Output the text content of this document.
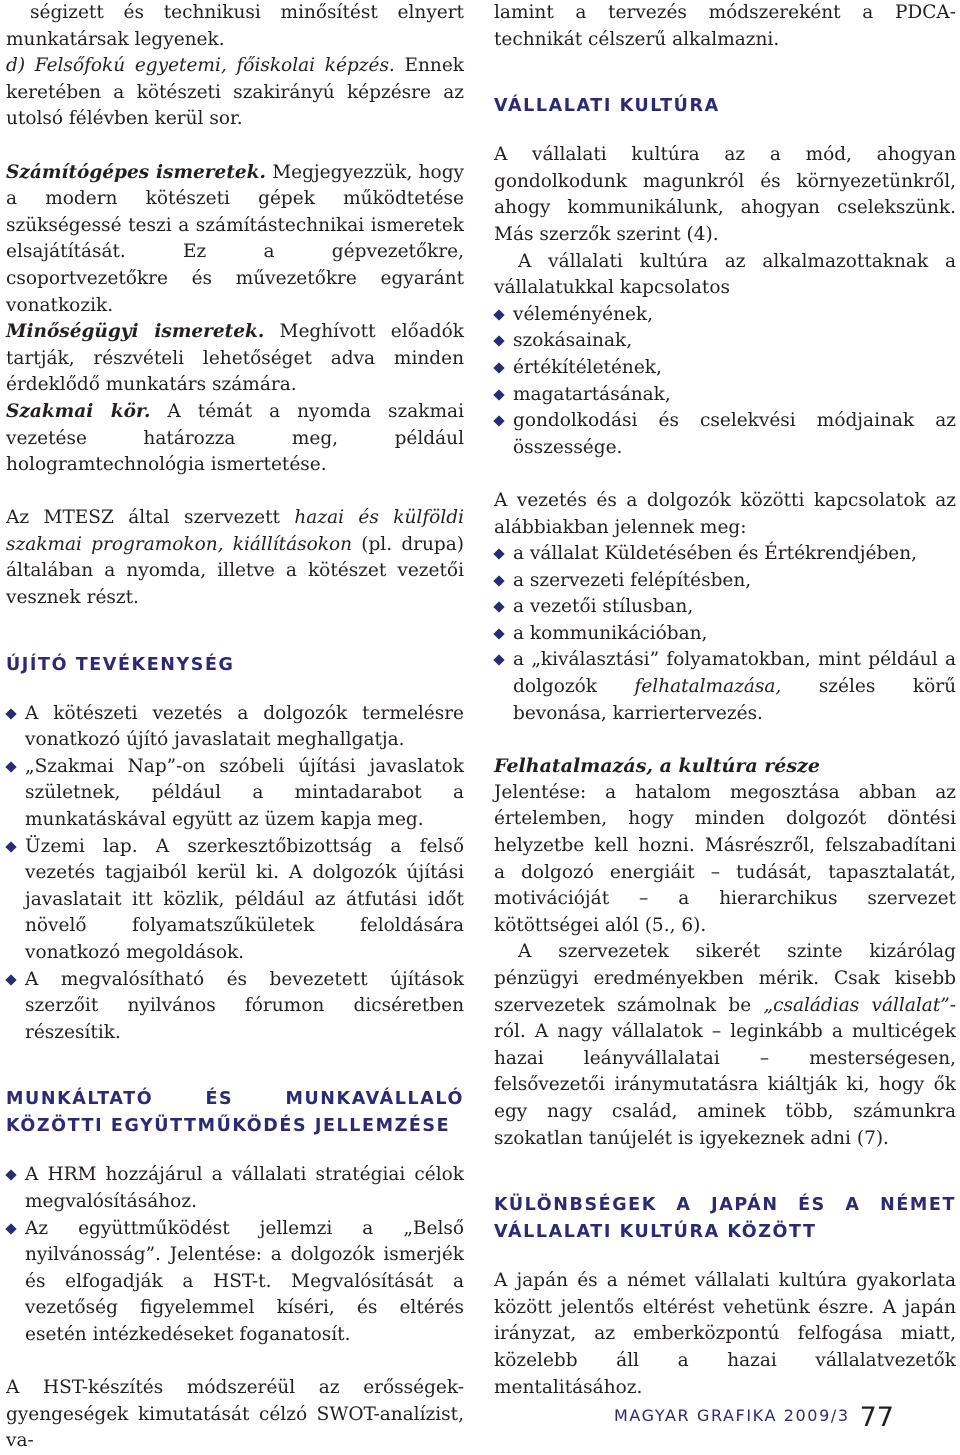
ségizett és technikusi minősítést elnyert munkatársak legyenek.

d) Felsőfokú egyetemi, főiskolai képzés. Ennek keretében a kötészeti szakirányú képzésre az utolsó félévben kerül sor.

Számítógépes ismeretek. Megjegyezzük, hogy a modern kötészeti gépek működtetése szükségessé teszi a számítástechnikai ismeretek elsajátítását. Ez a gépvezetőkre, csoportvezetőkre és művezetőkre egyaránt vonatkozik.

Minőségügyi ismeretek. Meghívott előadók tartják, részvételi lehetőséget adva minden érdeklődő munkatárs számára.

Szakmai kör. A témát a nyomda szakmai vezetése határozza meg, például hologramtechnológia ismertetése.

Az MTESZ által szervezett hazai és külföldi szakmai programokon, kiállításokon (pl. drupa) általában a nyomda, illetve a kötészet vezetői vesznek részt.

ÚJÍTÓ TEVÉKENYSÉG
A kötészeti vezetés a dolgozók termelésre vonatkozó újító javaslatait meghallgatja.
„Szakmai Nap”-on szóbeli újítási javaslatok születnek, például a mintadarabot a munkatáskával együtt az üzem kapja meg.
Üzemi lap. A szerkesztőbizottság a felső vezetés tagjaiból kerül ki. A dolgozók újítási javaslatait itt közlik, például az átfutási időt növelő folyamatszűkületek feloldására vonatkozó megoldások.
A megvalósítható és bevezetett újítások szerzőit nyilvános fórumon dicséretben részesítik.
MUNKÁLTATÓ ÉS MUNKAVÁLLALÓ KÖZÖTTI EGYÜTTMŰKÖDÉS JELLEMZÉSE
A HRM hozzájárul a vállalati stratégiai célok megvalósításához.
Az együttműködést jellemzi a „Belső nyilvánosság”. Jelentése: a dolgozók ismerjék és elfogadják a HST-t. Megvalósítását a vezetőség figyelemmel kíséri, és eltérés esetén intézkedéseket foganatosít.

A HST-készítés módszeréül az erősségek-gyengeségek kimutatását célzó SWOT-analízist, va-

lamint a tervezés módszereként a PDCA-technikát célszerű alkalmazni.

VÁLLALATI KULTÚRA

A vállalati kultúra az a mód, ahogyan gondolkodunk magunkról és környezetünkről, ahogy kommunikálunk, ahogyan cselekszünk. Más szerzők szerint (4).

A vállalati kultúra az alkalmazottaknak a vállalatukkal kapcsolatos

véleményének,
szokásainak,
értékítéletének,
magatartásának,
gondolkodási és cselekvési módjainak az összessége.

A vezetés és a dolgozók közötti kapcsolatok az alábbiakban jelennek meg:

a vállalat Küldetésében és Értékrendjében,
a szervezeti felépítésben,
a vezetői stílusban,
a kommunikációban,
a „kiválasztási” folyamatokban, mint például a dolgozók felhatalmazása, széles körű bevonása, karriertervezés.

Felhatalmazás, a kultúra része

Jelentése: a hatalom megosztása abban az értelemben, hogy minden dolgozót döntési helyzetbe kell hozni. Másrészről, felszabadítani a dolgozó energiáit – tudását, tapasztalatát, motivációját – a hierarchikus szervezet kötöttségei alól (5., 6).

A szervezetek sikerét szinte kizárólag pénzügyi eredményekben mérik. Csak kisebb szervezetek számolnak be „családias vállalat”-ról. A nagy vállalatok – leginkább a multicégek hazai leányvállalatai – mesterségesen, felsővezetői iránymutatásra kiáltják ki, hogy ők egy nagy család, aminek több, számunkra szokatlan tanújelét is igyekeznek adni (7).

KÜLÖNBSÉGEK A JAPÁN ÉS A NÉMET VÁLLALATI KULTÚRA KÖZÖTT

A japán és a német vállalati kultúra gyakorlata között jelentős eltérést vehetünk észre. A japán irányzat, az emberközpontú felfogása miatt, közelebb áll a hazai vállalatvezetők mentalitásához.

MAGYAR GRAFIKA 2009/3 77
